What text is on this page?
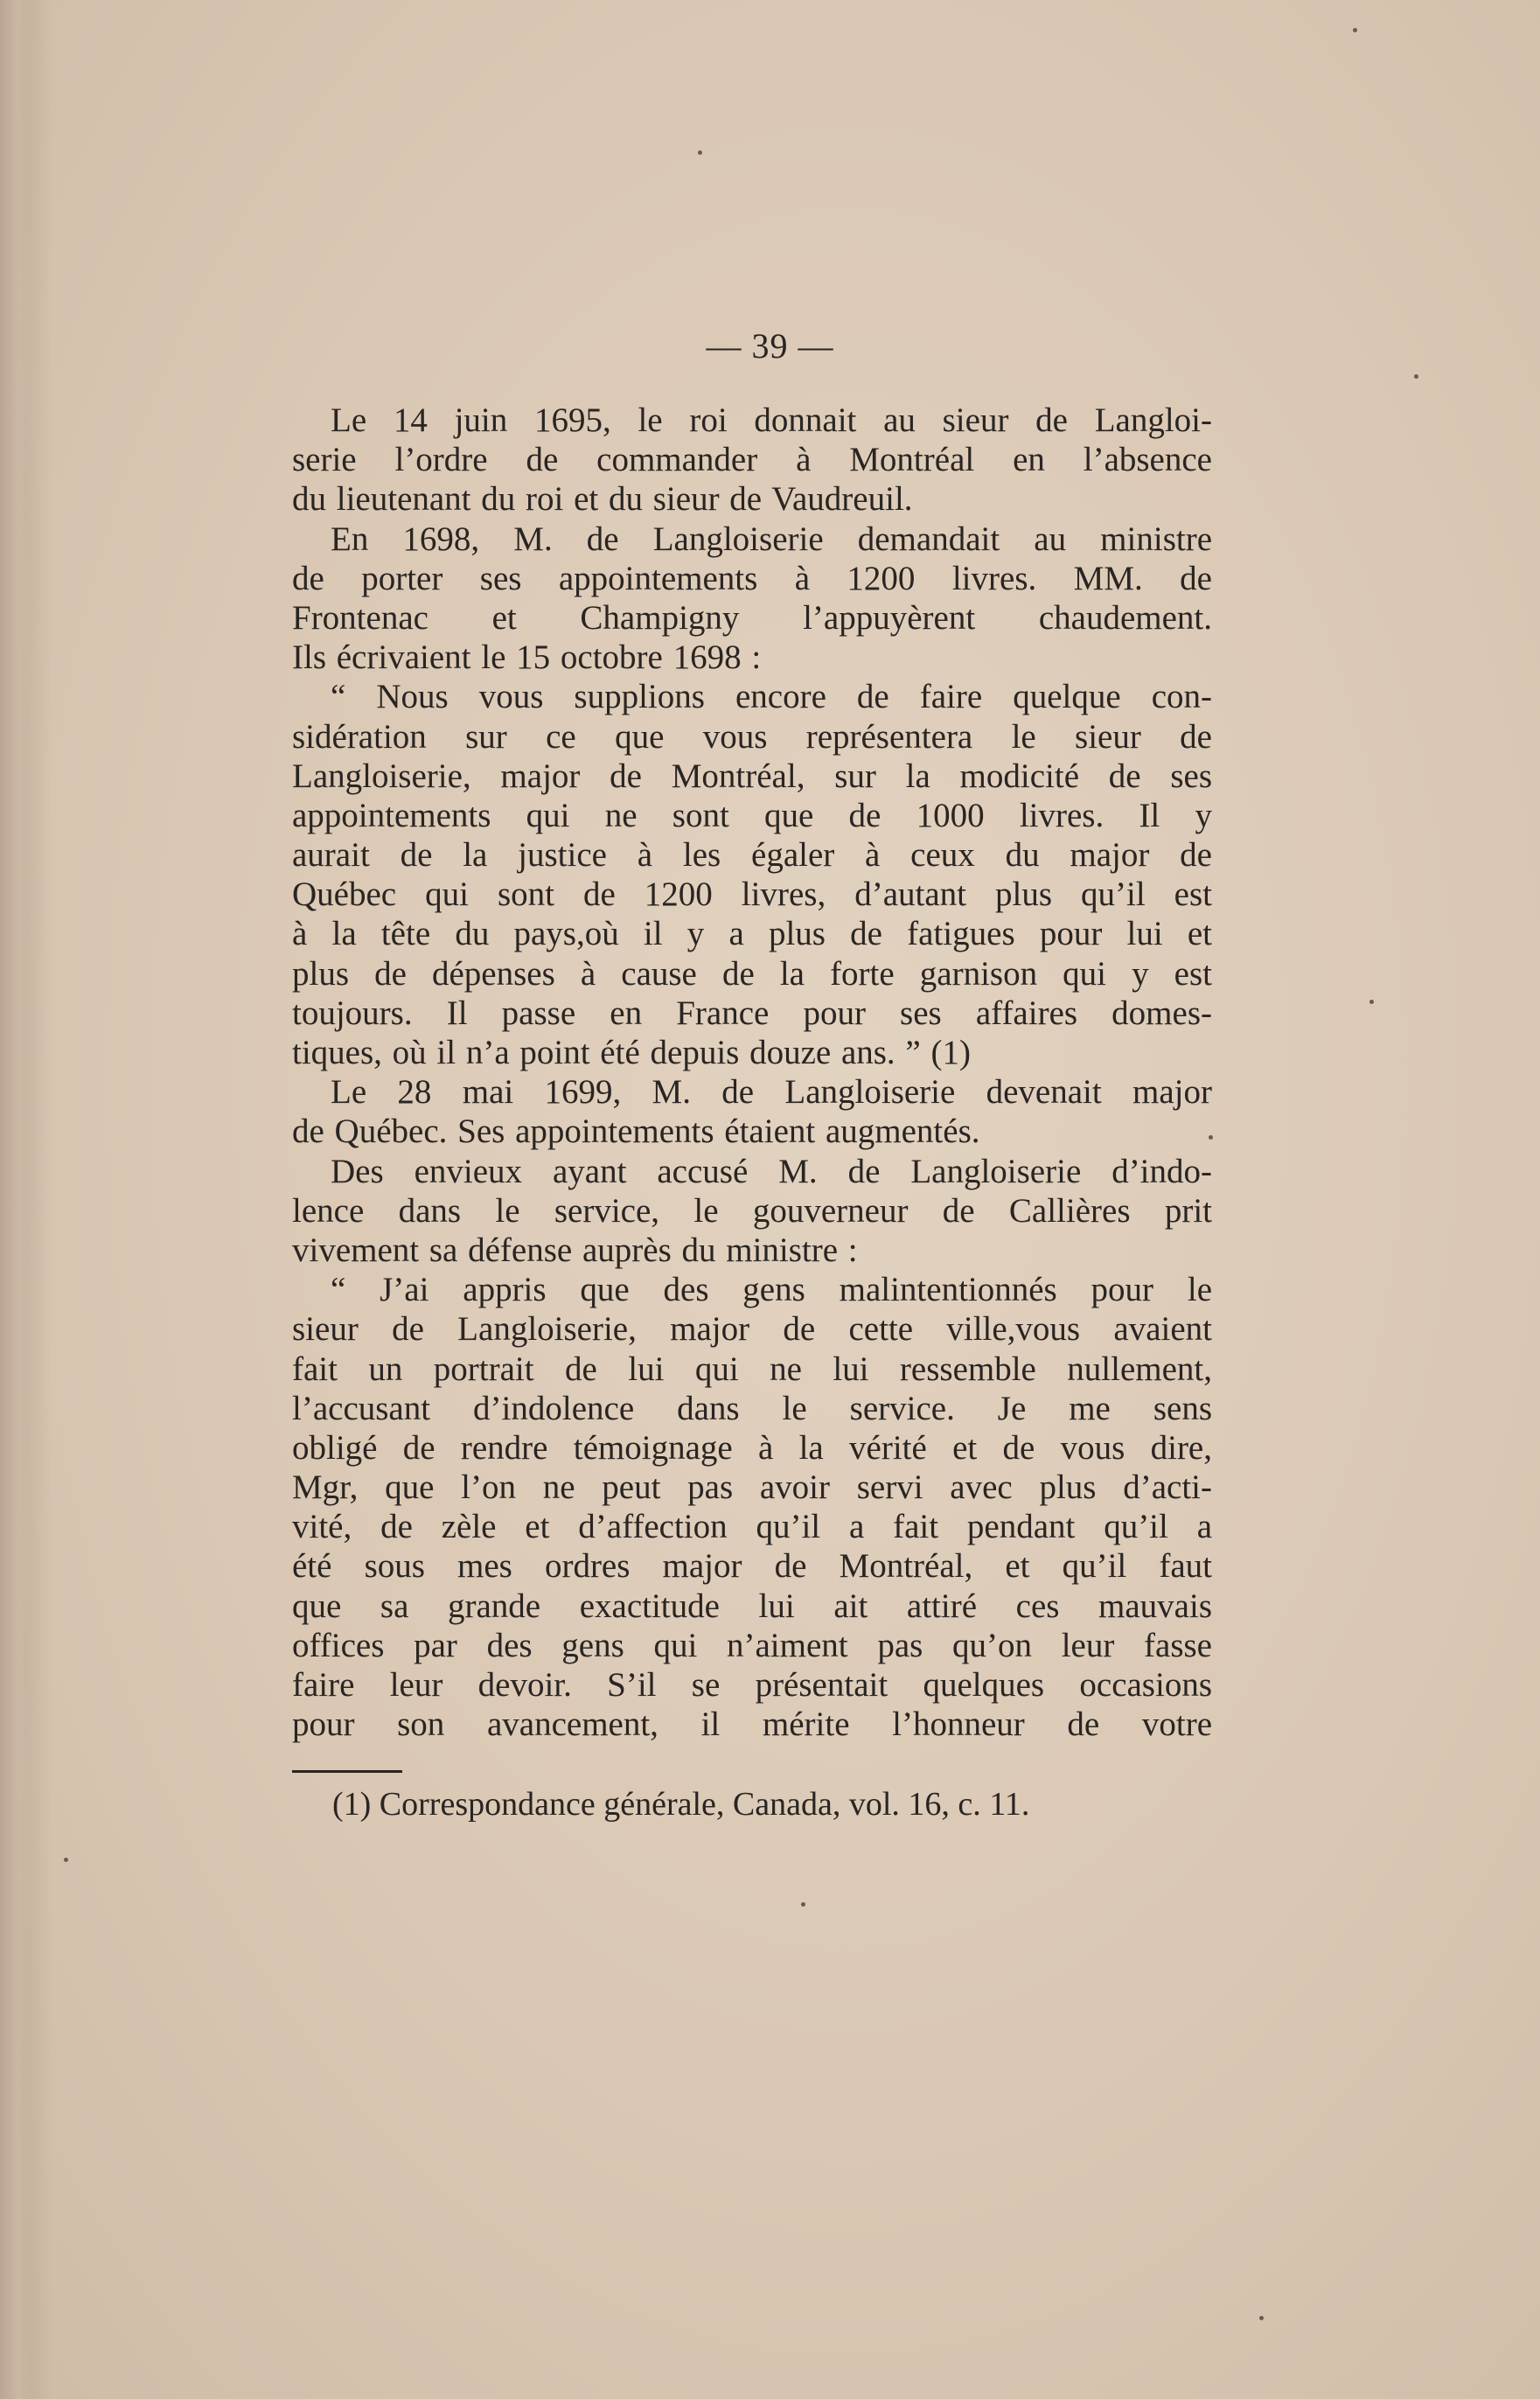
— 39 —
Le 14 juin 1695, le roi donnait au sieur de Langloi-
serie l’ordre de commander à Montréal en l’absence
du lieutenant du roi et du sieur de Vaudreuil.
En 1698, M. de Langloiserie demandait au ministre
de porter ses appointements à 1200 livres. MM. de
Frontenac et Champigny l’appuyèrent chaudement.
Ils écrivaient le 15 octobre 1698 :
“ Nous vous supplions encore de faire quelque con-
sidération sur ce que vous représentera le sieur de
Langloiserie, major de Montréal, sur la modicité de ses
appointements qui ne sont que de 1000 livres. Il y
aurait de la justice à les égaler à ceux du major de
Québec qui sont de 1200 livres, d’autant plus qu’il est
à la tête du pays,où il y a plus de fatigues pour lui et
plus de dépenses à cause de la forte garnison qui y est
toujours. Il passe en France pour ses affaires domes-
tiques, où il n’a point été depuis douze ans. ” (1)
Le 28 mai 1699, M. de Langloiserie devenait major
de Québec. Ses appointements étaient augmentés.
Des envieux ayant accusé M. de Langloiserie d’indo-
lence dans le service, le gouverneur de Callières prit
vivement sa défense auprès du ministre :
“ J’ai appris que des gens malintentionnés pour le
sieur de Langloiserie, major de cette ville,vous avaient
fait un portrait de lui qui ne lui ressemble nullement,
l’accusant d’indolence dans le service. Je me sens
obligé de rendre témoignage à la vérité et de vous dire,
Mgr, que l’on ne peut pas avoir servi avec plus d’acti-
vité, de zèle et d’affection qu’il a fait pendant qu’il a
été sous mes ordres major de Montréal, et qu’il faut
que sa grande exactitude lui ait attiré ces mauvais
offices par des gens qui n’aiment pas qu’on leur fasse
faire leur devoir. S’il se présentait quelques occasions
pour son avancement, il mérite l’honneur de votre
(1) Correspondance générale, Canada, vol. 16, c. 11.
